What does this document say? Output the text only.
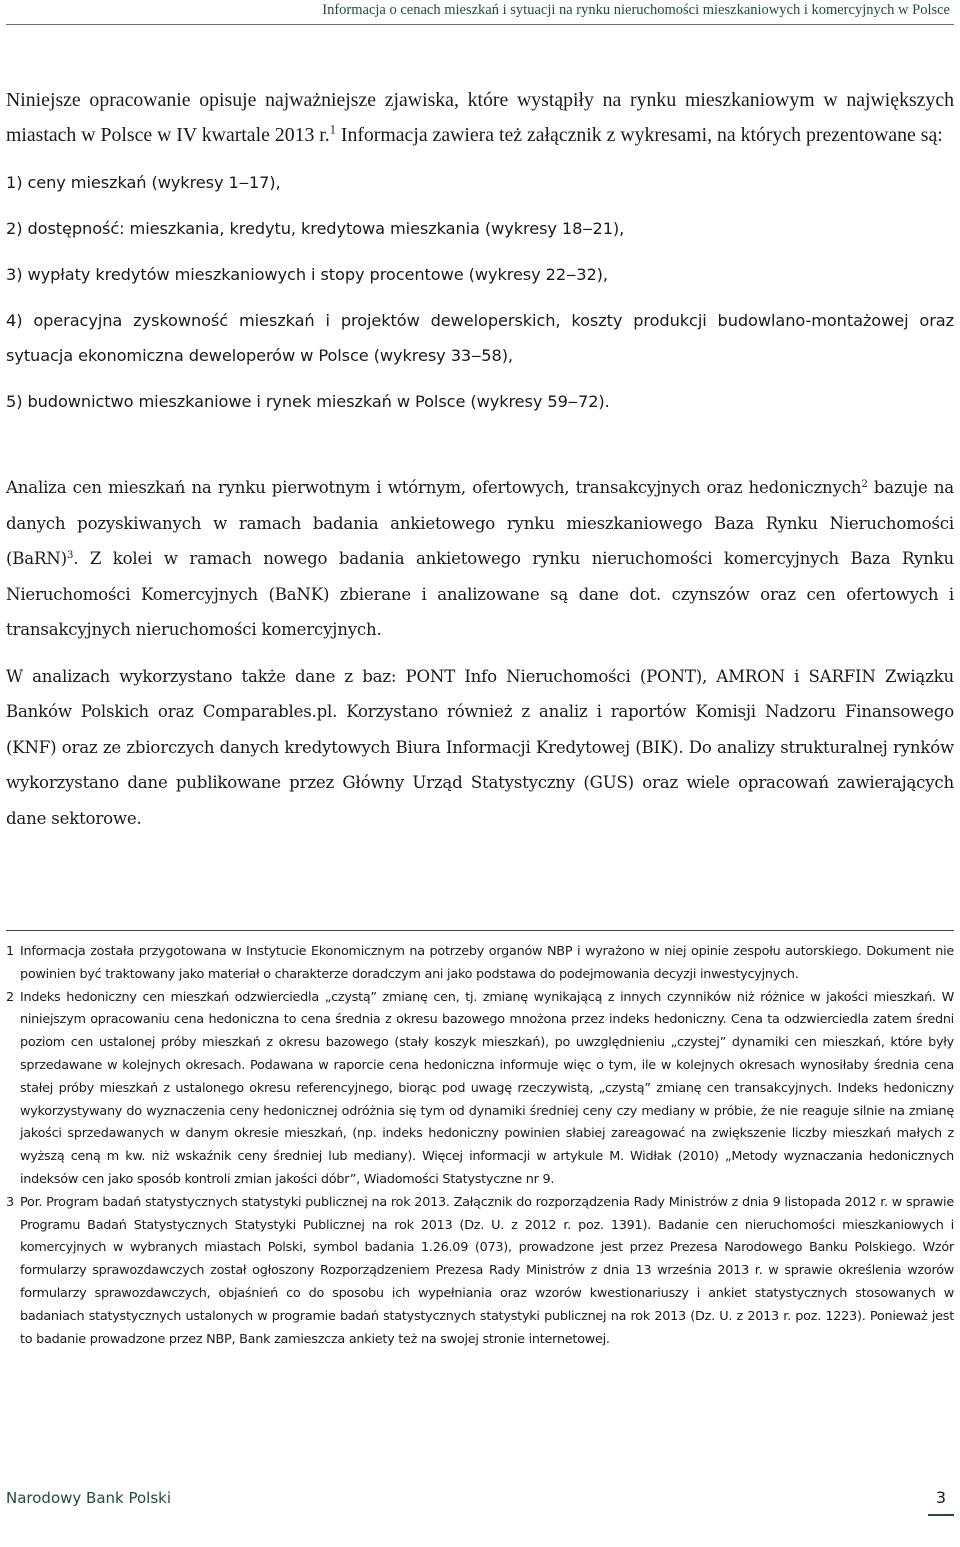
Informacja o cenach mieszkań i sytuacji na rynku nieruchomości mieszkaniowych i komercyjnych w Polsce

Niniejsze opracowanie opisuje najważniejsze zjawiska, które wystąpiły na rynku mieszkaniowym w największych miastach w Polsce w IV kwartale 2013 r.$^1$ Informacja zawiera też załącznik z wykresami, na których prezentowane są:

1) ceny mieszkań (wykresy 1‒17),
2) dostępność: mieszkania, kredytu, kredytowa mieszkania (wykresy 18‒21),
3) wypłaty kredytów mieszkaniowych i stopy procentowe (wykresy 22‒32),
4) operacyjna zyskowność mieszkań i projektów deweloperskich, koszty produkcji budowlano-montażowej oraz sytuacja ekonomiczna deweloperów w Polsce (wykresy 33‒58),
5) budownictwo mieszkaniowe i rynek mieszkań w Polsce (wykresy 59‒72).

Analiza cen mieszkań na rynku pierwotnym i wtórnym, ofertowych, transakcyjnych oraz hedonicznych$^2$ bazuje na danych pozyskiwanych w ramach badania ankietowego rynku mieszkaniowego Baza Rynku Nieruchomości (BaRN)$^3$. Z kolei w ramach nowego badania ankietowego rynku nieruchomości komercyjnych Baza Rynku Nieruchomości Komercyjnych (BaNK) zbierane i analizowane są dane dot. czynszów oraz cen ofertowych i transakcyjnych nieruchomości komercyjnych.

W analizach wykorzystano także dane z baz: PONT Info Nieruchomości (PONT), AMRON i SARFIN Związku Banków Polskich oraz Comparables.pl. Korzystano również z analiz i raportów Komisji Nadzoru Finansowego (KNF) oraz ze zbiorczych danych kredytowych Biura Informacji Kredytowej (BIK). Do analizy strukturalnej rynków wykorzystano dane publikowane przez Główny Urząd Statystyczny (GUS) oraz wiele opracowań zawierających dane sektorowe.

1 Informacja została przygotowana w Instytucie Ekonomicznym na potrzeby organów NBP i wyrażono w niej opinie zespołu autorskiego. Dokument nie powinien być traktowany jako materiał o charakterze doradczym ani jako podstawa do podejmowania decyzji inwestycyjnych.
2 Indeks hedoniczny cen mieszkań odzwierciedla „czystą” zmianę cen, tj. zmianę wynikającą z innych czynników niż różnice w jakości mieszkań. W niniejszym opracowaniu cena hedoniczna to cena średnia z okresu bazowego mnożona przez indeks hedoniczny. Cena ta odzwierciedla zatem średni poziom cen ustalonej próby mieszkań z okresu bazowego (stały koszyk mieszkań), po uwzględnieniu „czystej” dynamiki cen mieszkań, które były sprzedawane w kolejnych okresach. Podawana w raporcie cena hedoniczna informuje więc o tym, ile w kolejnych okresach wynosiłaby średnia cena stałej próby mieszkań z ustalonego okresu referencyjnego, biorąc pod uwagę rzeczywistą, „czystą” zmianę cen transakcyjnych. Indeks hedoniczny wykorzystywany do wyznaczenia ceny hedonicznej odróżnia się tym od dynamiki średniej ceny czy mediany w próbie, że nie reaguje silnie na zmianę jakości sprzedawanych w danym okresie mieszkań, (np. indeks hedoniczny powinien słabiej zareagować na zwiększenie liczby mieszkań małych z wyższą ceną m kw. niż wskaźnik ceny średniej lub mediany). Więcej informacji w artykule M. Widłak (2010) „Metody wyznaczania hedonicznych indeksów cen jako sposób kontroli zmian jakości dóbr”, Wiadomości Statystyczne nr 9.
3 Por. Program badań statystycznych statystyki publicznej na rok 2013. Załącznik do rozporządzenia Rady Ministrów z dnia 9 listopada 2012 r. w sprawie Programu Badań Statystycznych Statystyki Publicznej na rok 2013 (Dz. U. z 2012 r. poz. 1391). Badanie cen nieruchomości mieszkaniowych i komercyjnych w wybranych miastach Polski, symbol badania 1.26.09 (073), prowadzone jest przez Prezesa Narodowego Banku Polskiego. Wzór formularzy sprawozdawczych został ogłoszony Rozporządzeniem Prezesa Rady Ministrów z dnia 13 września 2013 r. w sprawie określenia wzorów formularzy sprawozdawczych, objaśnień co do sposobu ich wypełniania oraz wzorów kwestionariuszy i ankiet statystycznych stosowanych w badaniach statystycznych ustalonych w programie badań statystycznych statystyki publicznej na rok 2013 (Dz. U. z 2013 r. poz. 1223). Ponieważ jest to badanie prowadzone przez NBP, Bank zamieszcza ankiety też na swojej stronie internetowej.
Narodowy Bank Polski	3
